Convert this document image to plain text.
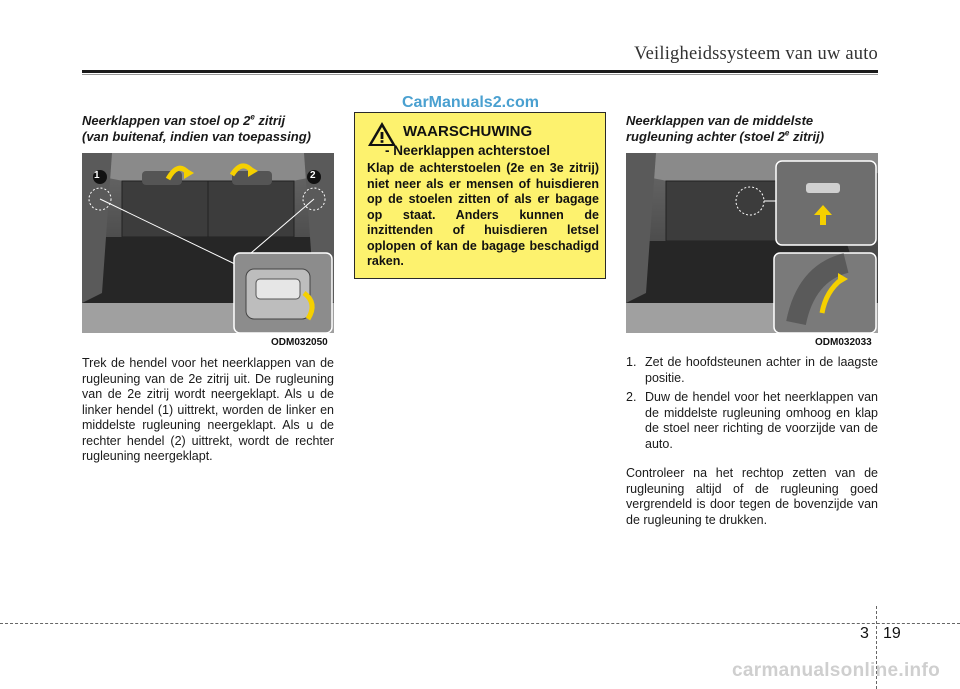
Veiligheidssysteem van uw auto
CarManuals2.com
Neerklappen van stoel op 2e zitrij
(van buitenaf, indien van toepassing)
1	2
ODM032050
Trek de hendel voor het neerklappen van de rugleuning van de 2e zitrij uit. De rugleuning van de 2e zitrij wordt neergeklapt. Als u de linker hendel (1) uittrekt, worden de linker en middelste rugleuning neergeklapt. Als u de rechter hendel (2) uittrekt, wordt de rechter rugleuning neergeklapt.
WAARSCHUWING
- Neerklappen achterstoel
Klap de achterstoelen (2e en 3e zitrij) niet neer als er mensen of huisdieren op de stoelen zitten of als er bagage op staat. Anders kunnen de inzittenden of huisdieren letsel oplopen of kan de bagage beschadigd raken.
Neerklappen van de middelste
rugleuning achter (stoel 2e zitrij)
ODM032033
1. Zet de hoofdsteunen achter in de laagste positie.
2. Duw de hendel voor het neerklappen van de middelste rugleuning omhoog en klap de stoel neer richting de voorzijde van de auto.
Controleer na het rechtop zetten van de rugleuning altijd of de rugleuning goed vergrendeld is door tegen de bovenzijde van de rugleuning te drukken.
3 19
carmanualsonline.info
